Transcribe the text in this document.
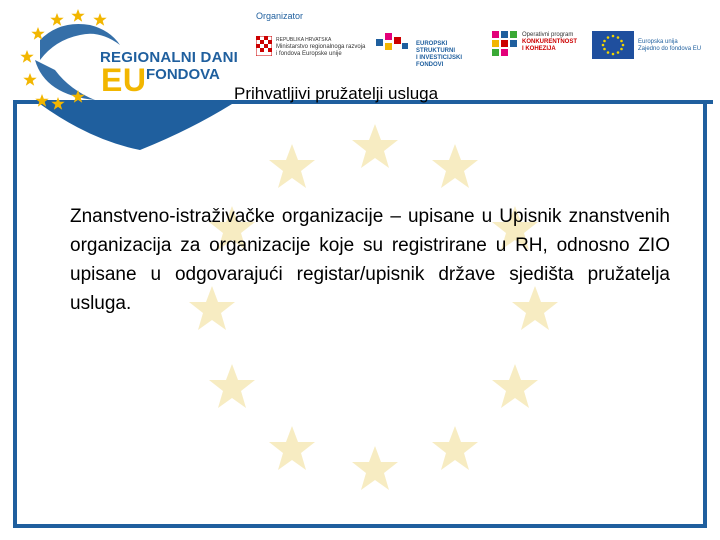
REGIONALNI DANI
EU FONDOVA
Organizator
REPUBLIKA HRVATSKA
Ministarstvo regionalnoga razvoja
i fondova Europske unije
EUROPSKI STRUKTURNI
I INVESTICIJSKI FONDOVI
Operativni program
KONKURENTNOST
I KOHEZIJA
Europska unija
Zajedno do fondova EU
Prihvatljivi pružatelji usluga
Znanstveno-istraživačke organizacije – upisane u Upisnik znanstvenih organizacija za organizacije koje su registrirane u RH, odnosno ZIO upisane u odgovarajući registar/upisnik države sjedišta pružatelja usluga.
